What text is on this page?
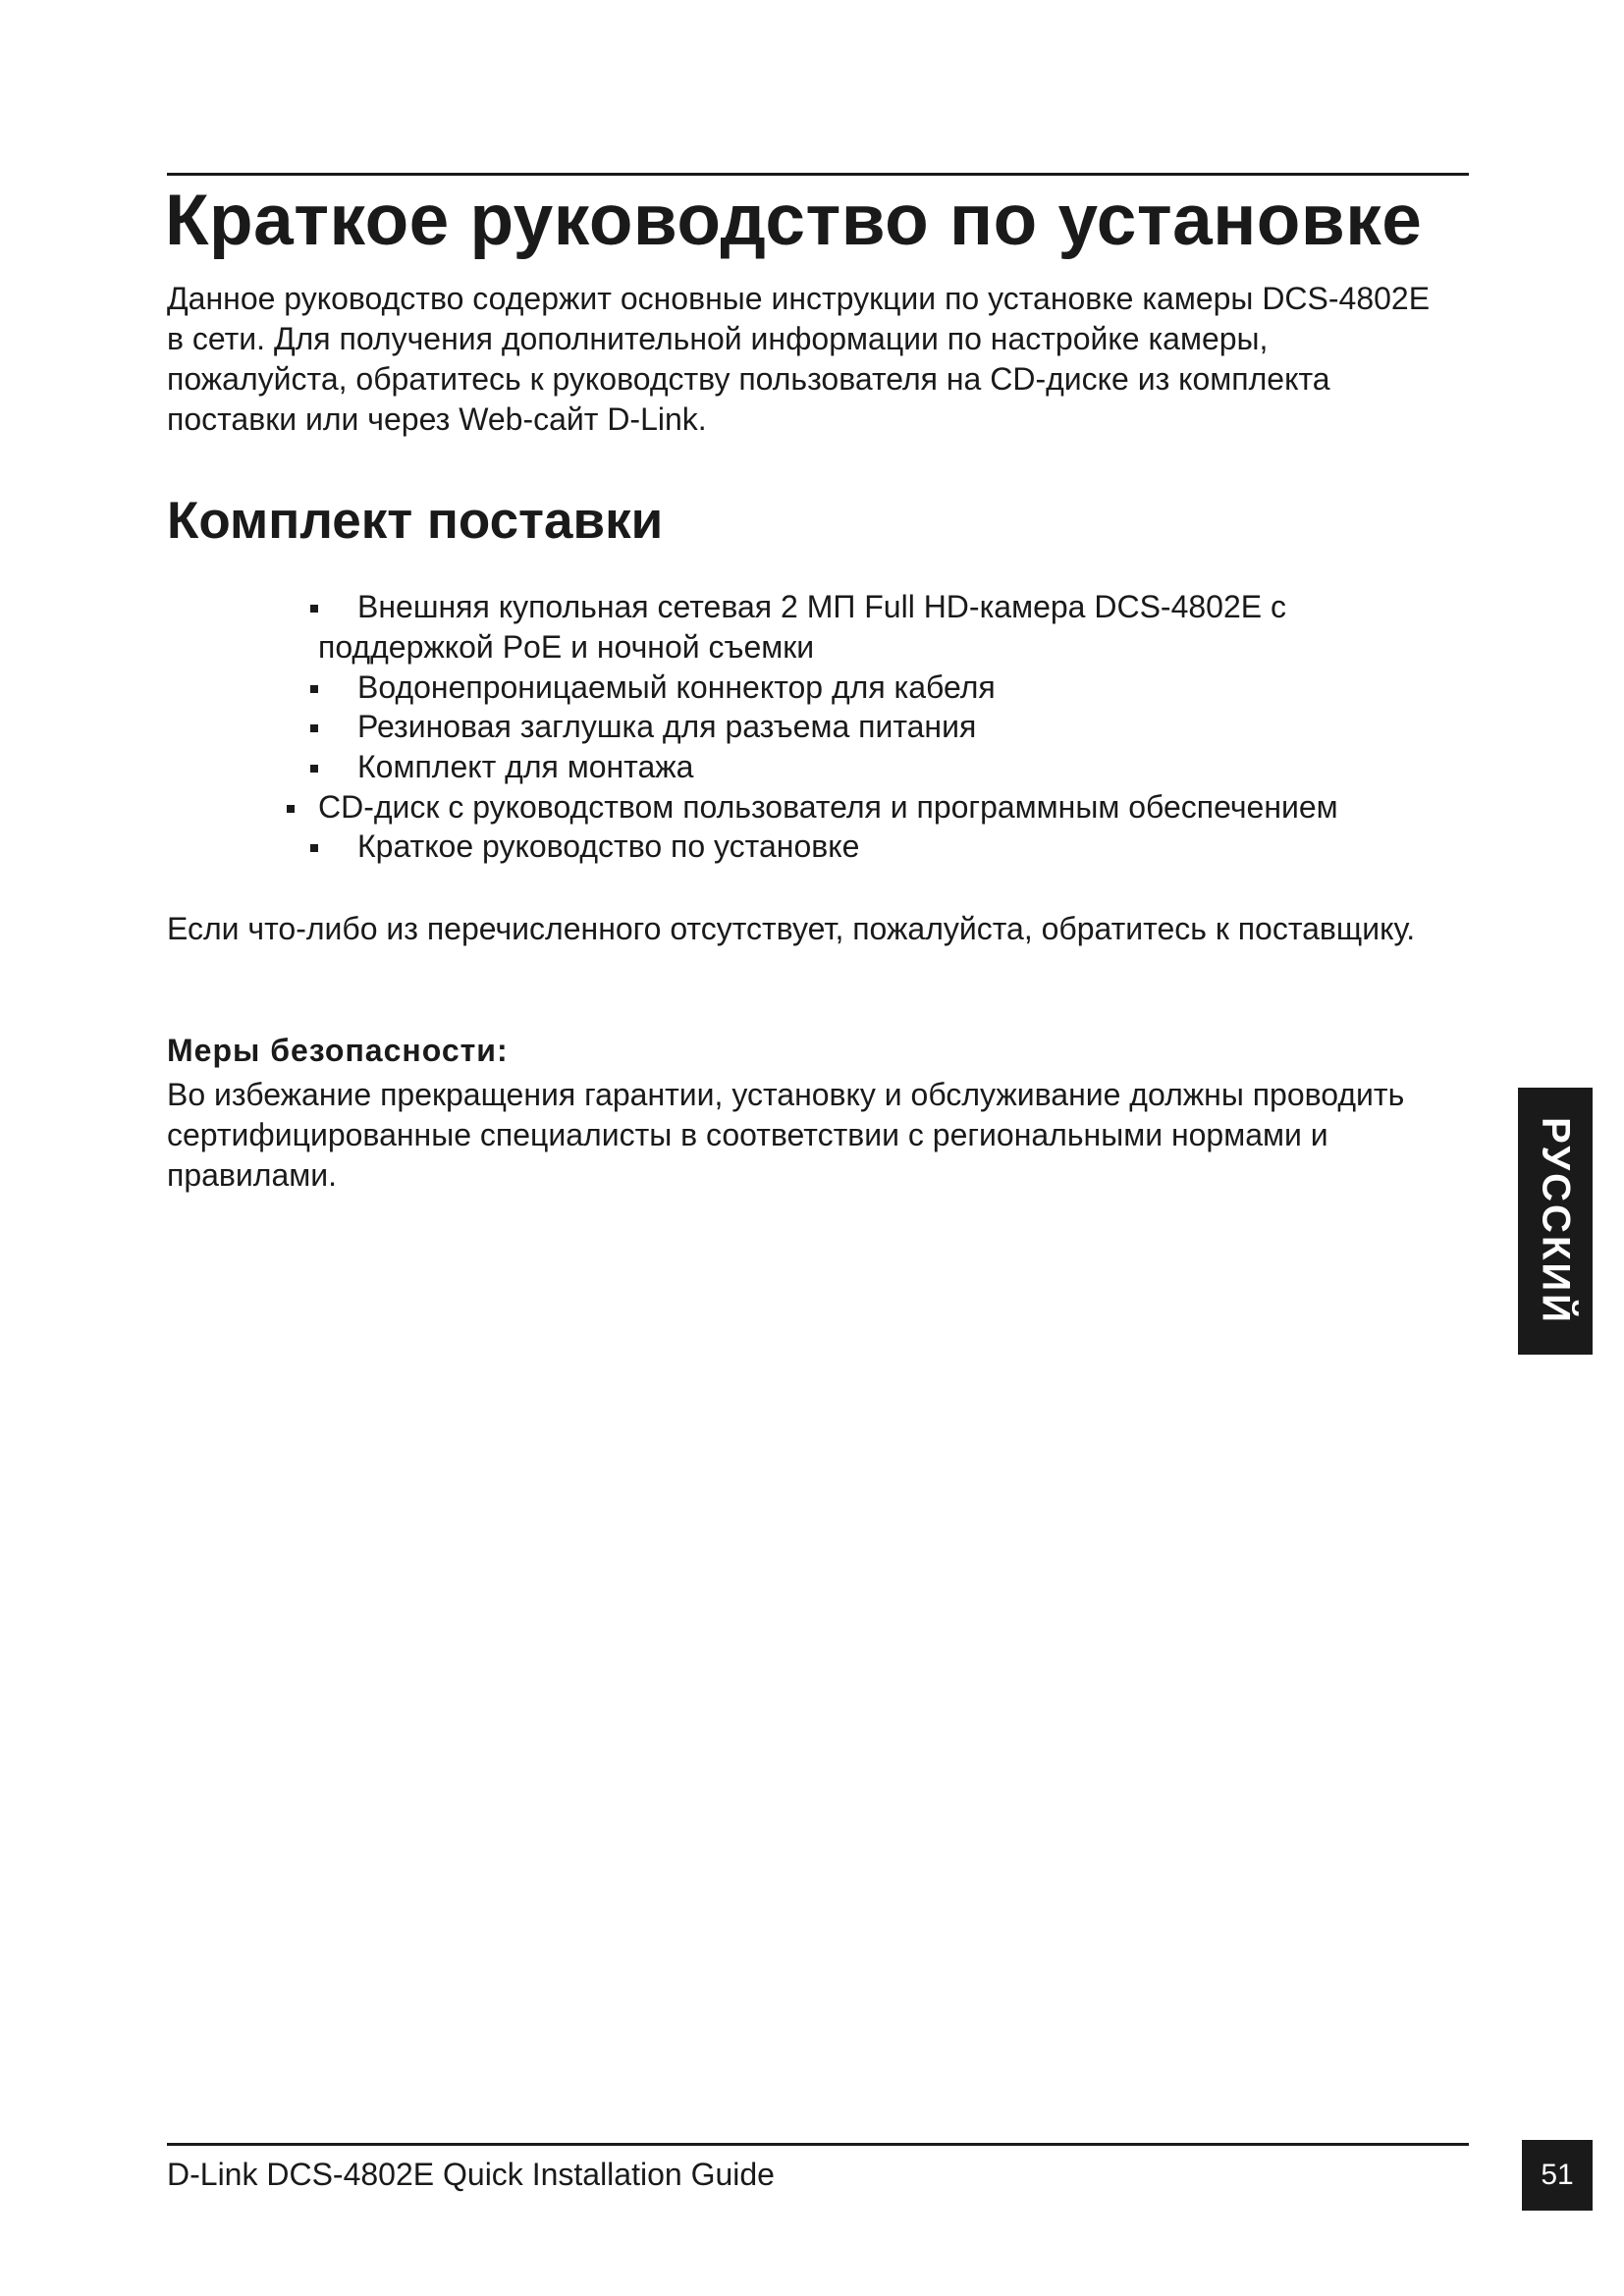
Краткое руководство по установке

Данное руководство содержит основные инструкции по установке камеры DCS-4802E в сети. Для получения дополнительной информации по настройке камеры, пожалуйста, обратитесь к руководству пользователя на CD-диске из комплекта поставки или через Web-сайт D-Link.

Комплект поставки
Внешняя купольная сетевая 2 МП Full HD-камера DCS-4802E с
поддержкой PoE и ночной съемки
Водонепроницаемый коннектор для кабеля
Резиновая заглушка для разъема питания
Комплект для монтажа
CD-диск с руководством пользователя и программным обеспечением
Краткое руководство по установке

Если что-либо из перечисленного отсутствует, пожалуйста, обратитесь к поставщику.

Меры безопасности:

Во избежание прекращения гарантии, установку и обслуживание должны проводить сертифицированные специалисты в соответствии с региональными нормами и правилами.	РУССКИЙ

D-Link DCS-4802E Quick Installation Guide	51
